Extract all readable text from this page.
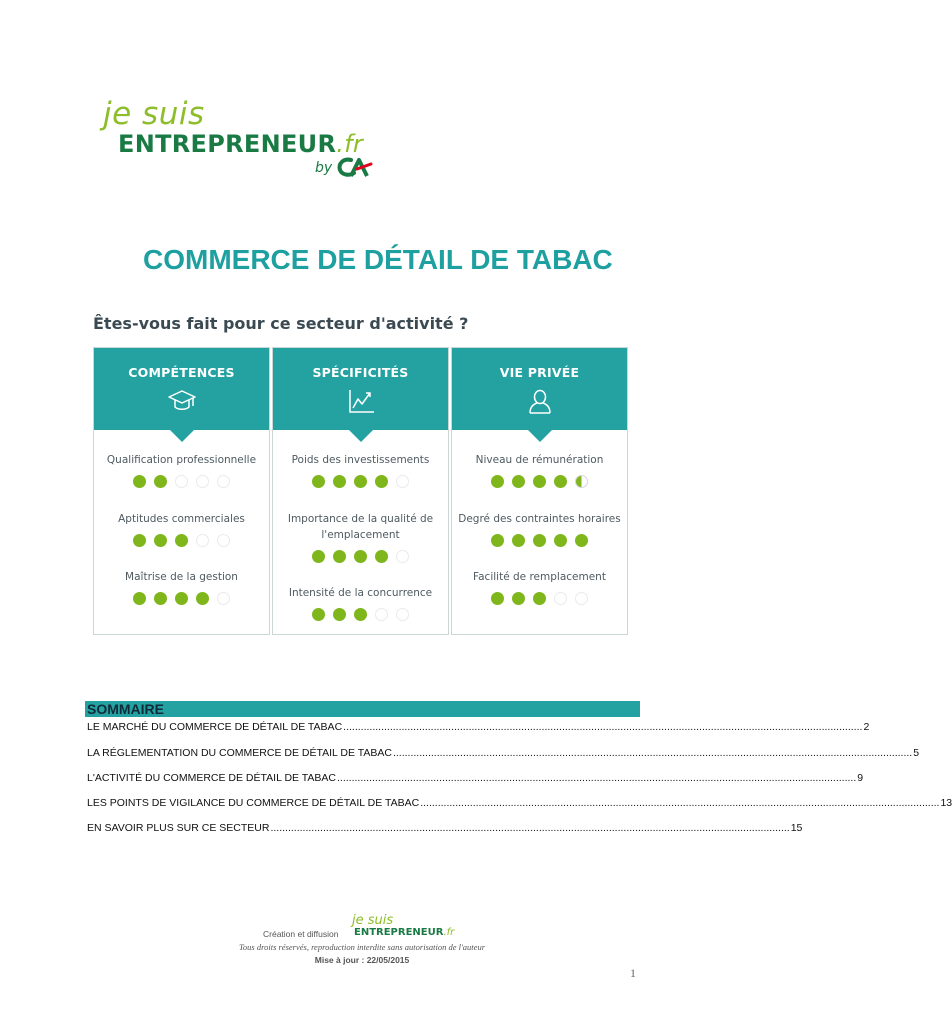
je suis
ENTREPRENEUR.fr
by
COMMERCE DE DÉTAIL DE TABAC
Êtes-vous fait pour ce secteur d'activité ?
COMPÉTENCES
Qualification professionnelle
Aptitudes commerciales
Maîtrise de la gestion
SPÉCIFICITÉS
Poids des investissements
Importance de la qualité de
l'emplacement
Intensité de la concurrence
VIE PRIVÉE
Niveau de rémunération
Degré des contraintes horaires
Facilité de remplacement
SOMMAIRE
LE MARCHÉ DU COMMERCE DE DÉTAIL DE TABAC .................................................................................................................................................................................. 2
LA RÉGLEMENTATION DU COMMERCE DE DÉTAIL DE TABAC .................................................................................................................................................................................. 5
L'ACTIVITÉ DU COMMERCE DE DÉTAIL DE TABAC .................................................................................................................................................................................. 9
LES POINTS DE VIGILANCE DU COMMERCE DE DÉTAIL DE TABAC .................................................................................................................................................................................. 13
EN SAVOIR PLUS SUR CE SECTEUR .................................................................................................................................................................................. 15
Création et diffusion
je suis
ENTREPRENEUR.fr
Tous droits réservés, reproduction interdite sans autorisation de l'auteur
Mise à jour : 22/05/2015
1
